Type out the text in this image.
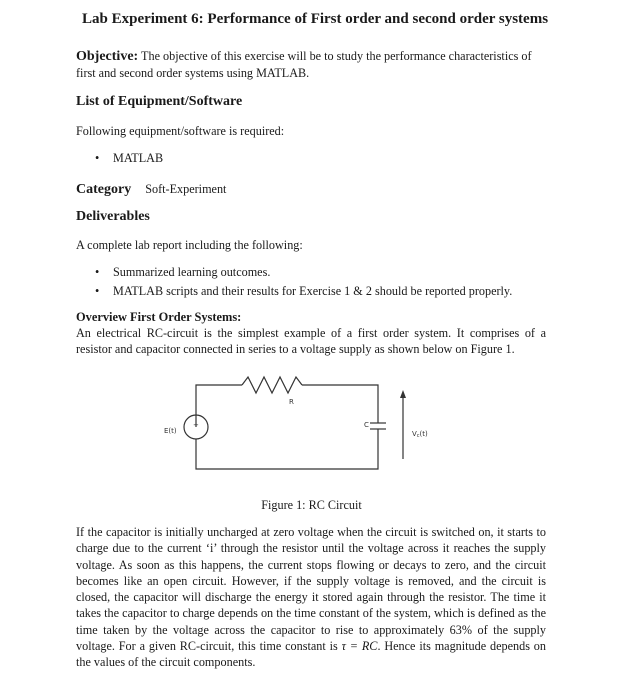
Lab Experiment 6: Performance of First order and second order systems
Objective: The objective of this exercise will be to study the performance characteristics of first and second order systems using MATLAB.
List of Equipment/Software
Following equipment/software is required:
• MATLAB
Category Soft-Experiment
Deliverables
A complete lab report including the following:
• Summarized learning outcomes.
• MATLAB scripts and their results for Exercise 1 & 2 should be reported properly.
Overview First Order Systems:
An electrical RC-circuit is the simplest example of a first order system. It comprises of a resistor and capacitor connected in series to a voltage supply as shown below on Figure 1.
+
E(t)
R
C
Vc(t)
Figure 1: RC Circuit
If the capacitor is initially uncharged at zero voltage when the circuit is switched on, it starts to charge due to the current ‘i’ through the resistor until the voltage across it reaches the supply voltage. As soon as this happens, the current stops flowing or decays to zero, and the circuit becomes like an open circuit. However, if the supply voltage is removed, and the circuit is closed, the capacitor will discharge the energy it stored again through the resistor. The time it takes the capacitor to charge depends on the time constant of the system, which is defined as the time taken by the voltage across the capacitor to rise to approximately 63% of the supply voltage. For a given RC-circuit, this time constant is τ = RC. Hence its magnitude depends on the values of the circuit components.
